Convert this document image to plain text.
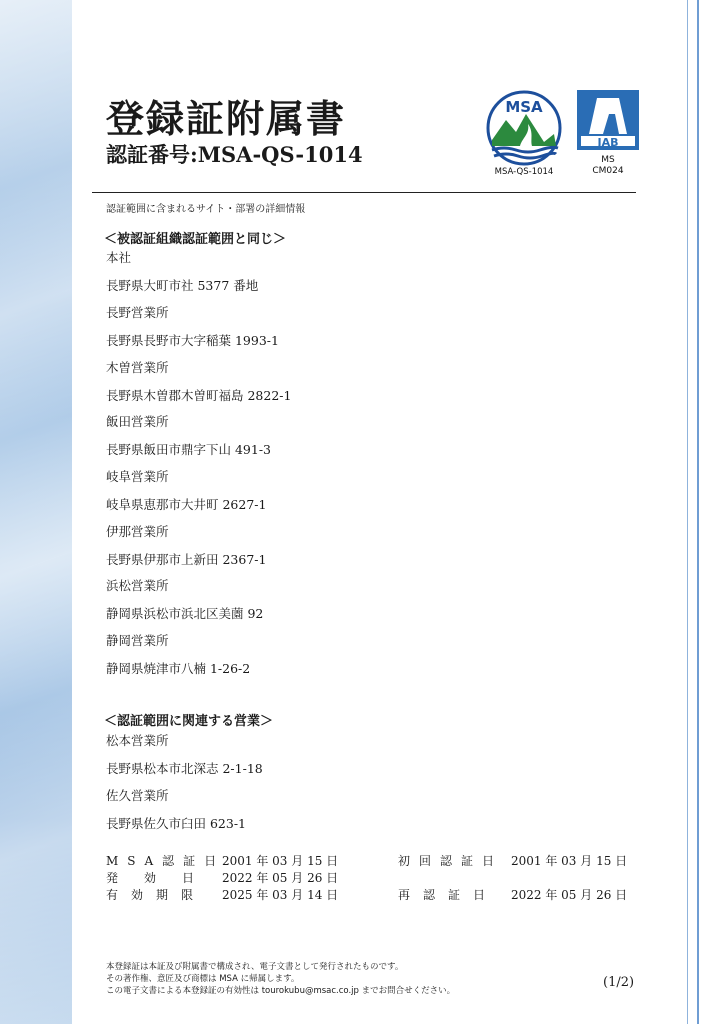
登録証附属書
認証番号:MSA-QS-1014
MSA
MSA-QS-1014
JAB
MS
CM024
認証範囲に含まれるサイト・部署の詳細情報
＜被認証組織認証範囲と同じ＞
本社
長野県大町市社 5377 番地
長野営業所
長野県長野市大字稲葉 1993-1
木曽営業所
長野県木曽郡木曽町福島 2822-1
飯田営業所
長野県飯田市鼎字下山 491-3
岐阜営業所
岐阜県恵那市大井町 2627-1
伊那営業所
長野県伊那市上新田 2367-1
浜松営業所
静岡県浜松市浜北区美薗 92
静岡営業所
静岡県焼津市八楠 1-26-2
＜認証範囲に関連する営業＞
松本営業所
長野県松本市北深志 2-1-18
佐久営業所
長野県佐久市臼田 623-1
MSA認証日
2001 年 03 月 15 日	初回認証日 2001 年 03 月 15 日
発効日 2022 年 05 月 26 日
有効期限 2025 年 03 月 14 日	再認証日 2022 年 05 月 26 日
本登録証は本証及び附属書で構成され、電子文書として発行されたものです。
その著作権、意匠及び商標は MSA に帰属します。
この電子文書による本登録証の有効性は tourokubu@msac.co.jp までお問合せください。
(1/2)
